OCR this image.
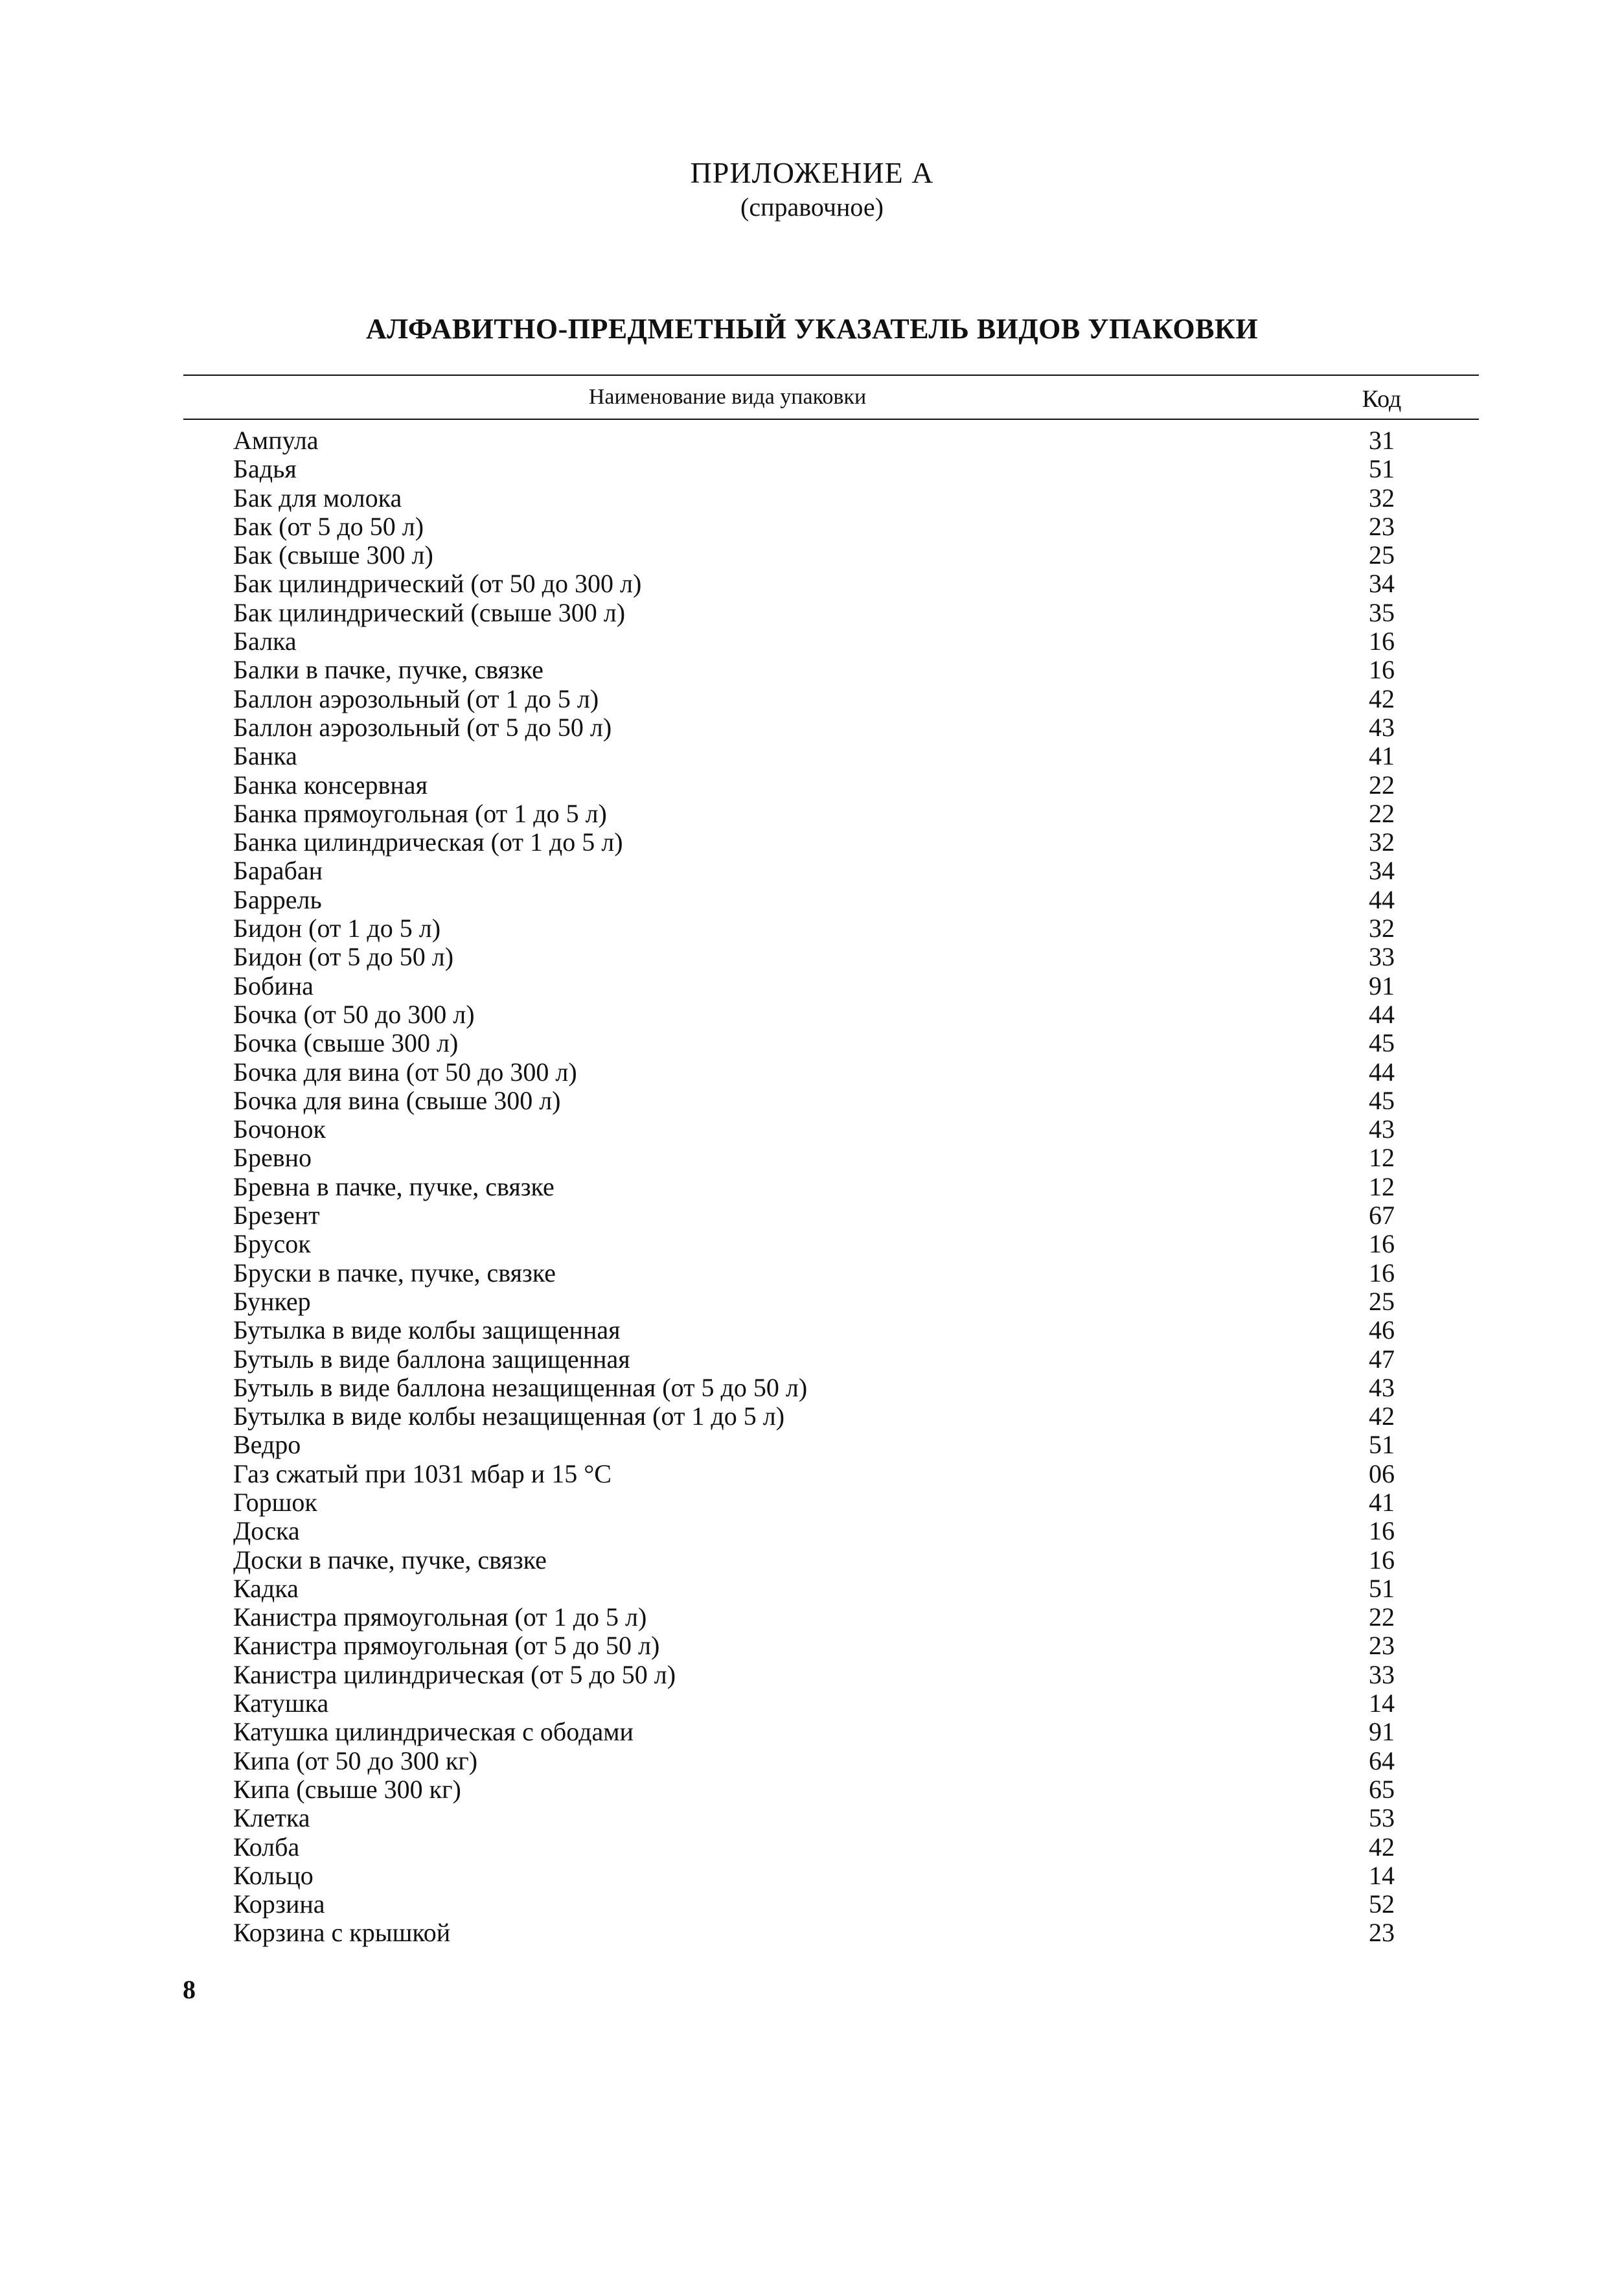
ПРИЛОЖЕНИЕ А
(справочное)
АЛФАВИТНО-ПРЕДМЕТНЫЙ УКАЗАТЕЛЬ ВИДОВ УПАКОВКИ
Наименование вида упаковки	Код
Ампула	31
Бадья	51
Бак для молока	32
Бак (от 5 до 50 л)	23
Бак (свыше 300 л)	25
Бак цилиндрический (от 50 до 300 л)	34
Бак цилиндрический (свыше 300 л)	35
Балка	16
Балки в пачке, пучке, связке	16
Баллон аэрозольный (от 1 до 5 л)	42
Баллон аэрозольный (от 5 до 50 л)	43
Банка	41
Банка консервная	22
Банка прямоугольная (от 1 до 5 л)	22
Банка цилиндрическая (от 1 до 5 л)	32
Барабан	34
Баррель	44
Бидон (от 1 до 5 л)	32
Бидон (от 5 до 50 л)	33
Бобина	91
Бочка (от 50 до 300 л)	44
Бочка (свыше 300 л)	45
Бочка для вина (от 50 до 300 л)	44
Бочка для вина (свыше 300 л)	45
Бочонок	43
Бревно	12
Бревна в пачке, пучке, связке	12
Брезент	67
Брусок	16
Бруски в пачке, пучке, связке	16
Бункер	25
Бутылка в виде колбы защищенная	46
Бутыль в виде баллона защищенная	47
Бутыль в виде баллона незащищенная (от 5 до 50 л)	43
Бутылка в виде колбы незащищенная (от 1 до 5 л)	42
Ведро	51
Газ сжатый при 1031 мбар и 15 °С	06
Горшок	41
Доска	16
Доски в пачке, пучке, связке	16
Кадка	51
Канистра прямоугольная (от 1 до 5 л)	22
Канистра прямоугольная (от 5 до 50 л)	23
Канистра цилиндрическая (от 5 до 50 л)	33
Катушка	14
Катушка цилиндрическая с ободами	91
Кипа (от 50 до 300 кг)	64
Кипа (свыше 300 кг)	65
Клетка	53
Колба	42
Кольцо	14
Корзина	52
Корзина с крышкой	23
8
